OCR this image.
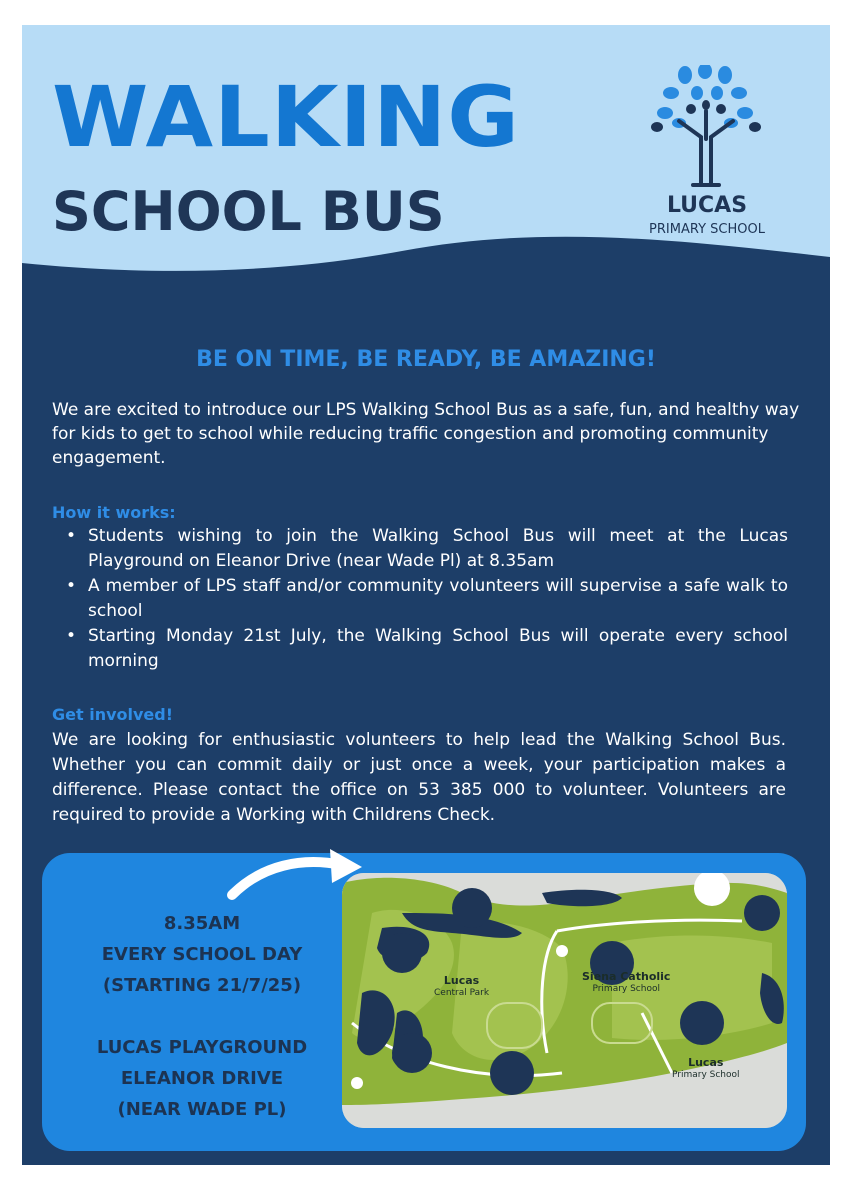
WALKING
SCHOOL BUS	LUCAS
PRIMARY SCHOOL

BE ON TIME, BE READY, BE AMAZING!

We are excited to introduce our LPS Walking School Bus as a safe, fun, and healthy way for kids to get to school while reducing traffic congestion and promoting community engagement.

How it works:

• Students wishing to join the Walking School Bus will meet at the Lucas Playground on Eleanor Drive (near Wade Pl) at 8.35am
• A member of LPS staff and/or community volunteers will supervise a safe walk to school
• Starting Monday 21st July, the Walking School Bus will operate every school morning

Get involved!

We are looking for enthusiastic volunteers to help lead the Walking School Bus. Whether you can commit daily or just once a week, your participation makes a difference. Please contact the office on 53 385 000 to volunteer. Volunteers are required to provide a Working with Childrens Check.

8.35AM
EVERY SCHOOL DAY
(STARTING 21/7/25)
LUCAS PLAYGROUND
ELEANOR DRIVE
(NEAR WADE PL)
Lucas
Central Park
Siena Catholic
Primary School
Lucas
Primary School
